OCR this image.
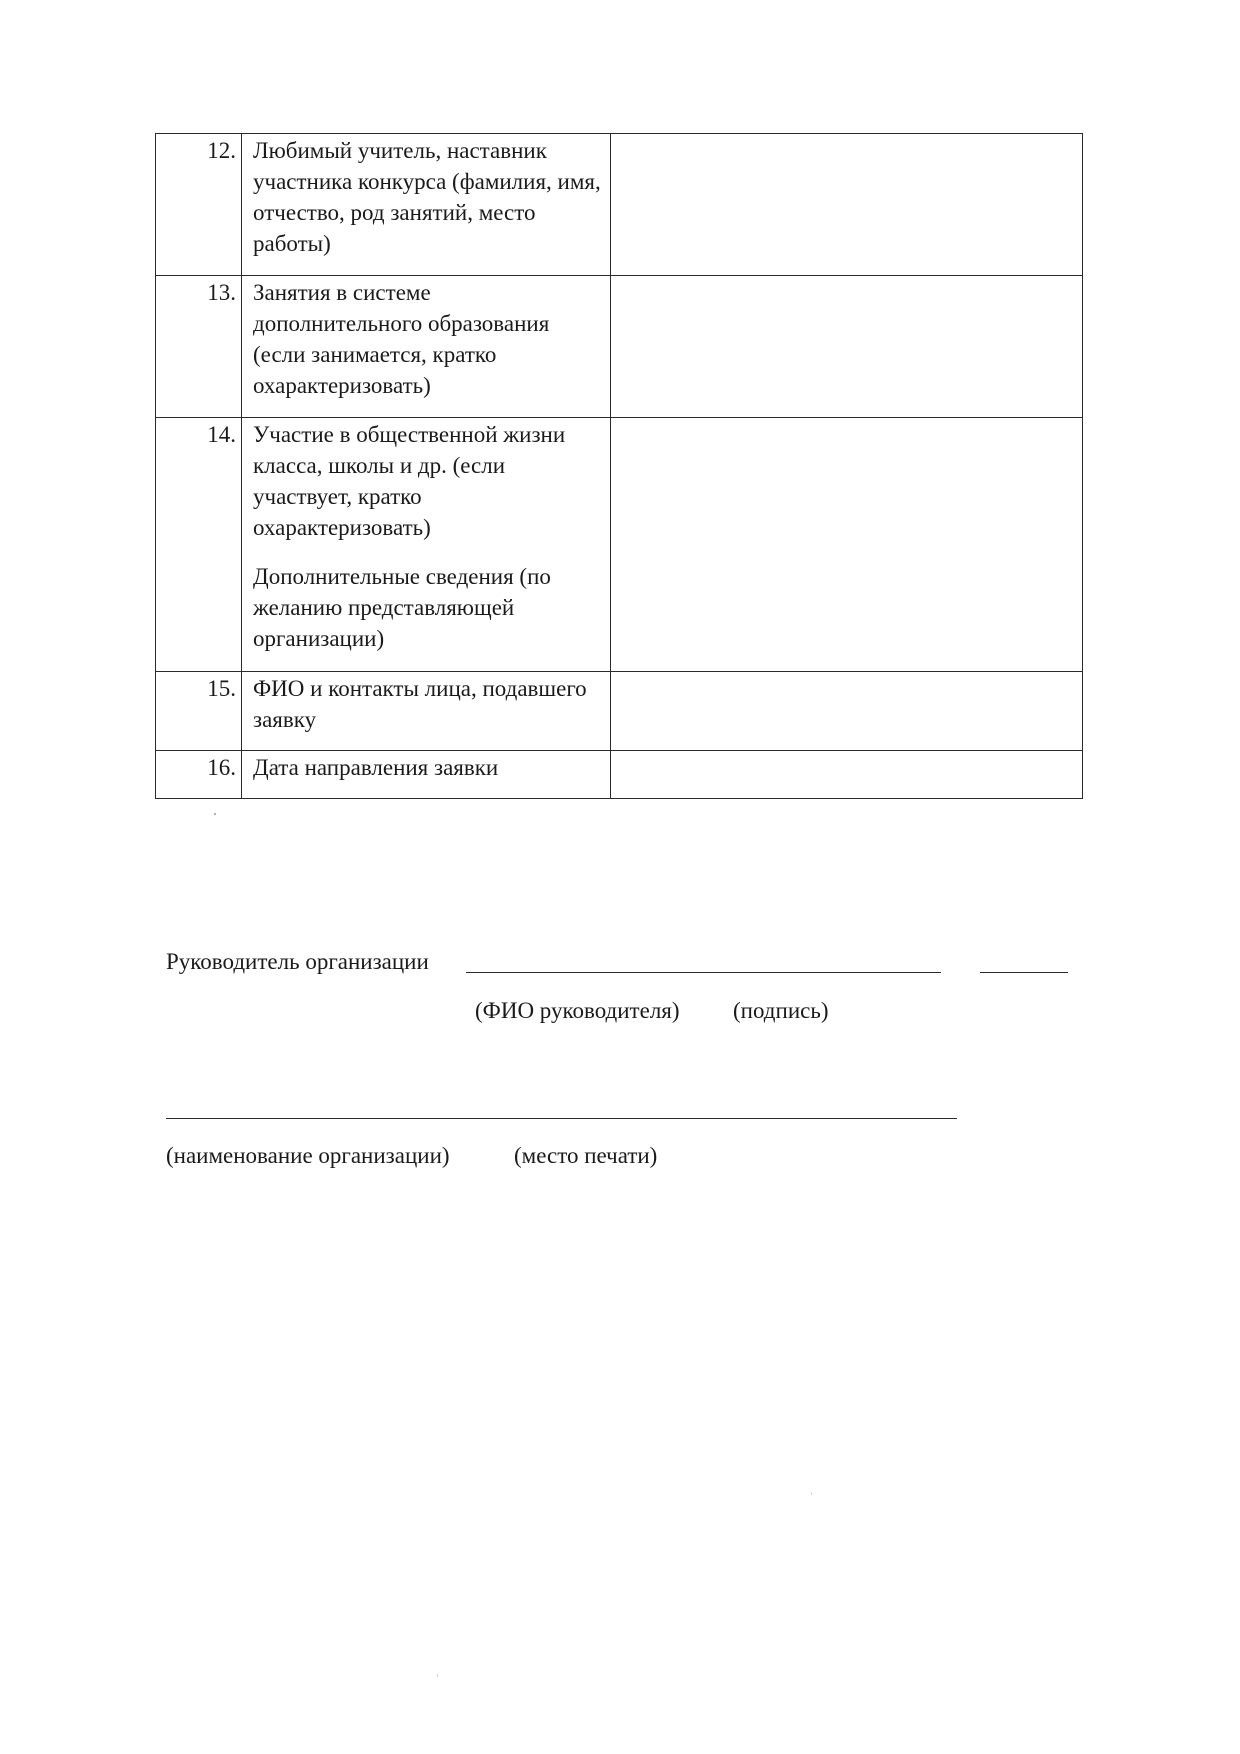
12.	Любимый учитель, наставник участника конкурса (фамилия, имя, отчество, род занятий, место работы)	

13.	Занятия в системе дополнительного образования (если занимается, кратко охарактеризовать)	

14.	Участие в общественной жизни класса, школы и др. (если участвует, кратко охарактеризовать)

Дополнительные сведения (по желанию представляющей организации)	

15.	ФИО и контакты лица, подавшего заявку	

16.	Дата направления заявки	

Руководитель организации
(ФИО руководителя) (подпись)
(наименование организации)	(место печати)
